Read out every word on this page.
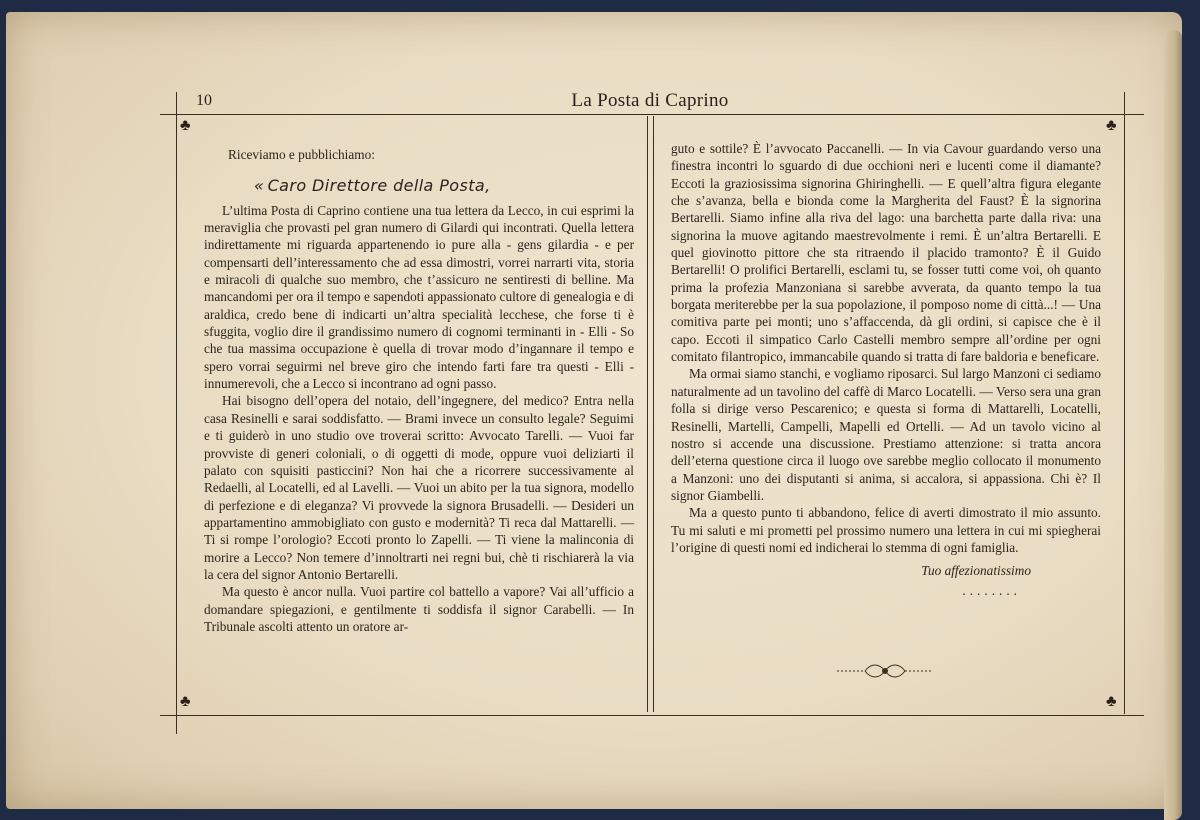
10	La Posta di Caprino
♣	♣
♣	♣

Riceviamo e pubblichiamo:

« Caro Direttore della Posta,

L’ultima Posta di Caprino contiene una tua lettera da Lecco, in cui esprimi la meraviglia che provasti pel gran numero di Gilardi qui incontrati. Quella lettera indirettamente mi riguarda appartenendo io pure alla - gens gilardia - e per compensarti dell’interessamento che ad essa dimostri, vorrei narrarti vita, storia e miracoli di qualche suo membro, che t’assicuro ne sentiresti di belline. Ma mancandomi per ora il tempo e sapendoti appassionato cultore di genealogia e di araldica, credo bene di indicarti un’altra specialità lecchese, che forse ti è sfuggita, voglio dire il grandissimo numero di cognomi terminanti in - Elli - So che tua massima occupazione è quella di trovar modo d’ingannare il tempo e spero vorrai seguirmi nel breve giro che intendo farti fare tra questi - Elli - innumerevoli, che a Lecco si incontrano ad ogni passo.

Hai bisogno dell’opera del notaio, dell’ingegnere, del medico? Entra nella casa Resinelli e sarai soddisfatto. — Brami invece un consulto legale? Seguimi e ti guiderò in uno studio ove troverai scritto: Avvocato Tarelli. — Vuoi far provviste di generi coloniali, o di oggetti di mode, oppure vuoi deliziarti il palato con squisiti pasticcini? Non hai che a ricorrere successivamente al Redaelli, al Locatelli, ed al Lavelli. — Vuoi un abito per la tua signora, modello di perfezione e di eleganza? Vi provvede la signora Brusadelli. — Desideri un appartamentino ammobigliato con gusto e modernità? Ti reca dal Mattarelli. — Ti si rompe l’orologio? Eccoti pronto lo Zapelli. — Ti viene la malinconia di morire a Lecco? Non temere d’innoltrarti nei regni bui, chè ti rischiarerà la via la cera del signor Antonio Bertarelli.

Ma questo è ancor nulla. Vuoi partire col battello a vapore? Vai all’ufficio a domandare spiegazioni, e gentilmente ti soddisfa il signor Carabelli. — In Tribunale ascolti attento un oratore ar-

guto e sottile? È l’avvocato Paccanelli. — In via Cavour guardando verso una finestra incontri lo sguardo di due occhioni neri e lucenti come il diamante? Eccoti la graziosissima signorina Ghiringhelli. — E quell’altra figura elegante che s’avanza, bella e bionda come la Margherita del Faust? È la signorina Bertarelli. Siamo infine alla riva del lago: una barchetta parte dalla riva: una signorina la muove agitando maestrevolmente i remi. È un’altra Bertarelli. E quel giovinotto pittore che sta ritraendo il placido tramonto? È il Guido Bertarelli! O prolifici Bertarelli, esclami tu, se fosser tutti come voi, oh quanto prima la profezia Manzoniana si sarebbe avverata, da quanto tempo la tua borgata meriterebbe per la sua popolazione, il pomposo nome di città...! — Una comitiva parte pei monti; uno s’affaccenda, dà gli ordini, si capisce che è il capo. Eccoti il simpatico Carlo Castelli membro sempre all’ordine per ogni comitato filantropico, immancabile quando si tratta di fare baldoria e beneficare.

Ma ormai siamo stanchi, e vogliamo riposarci. Sul largo Manzoni ci sediamo naturalmente ad un tavolino del caffè di Marco Locatelli. — Verso sera una gran folla si dirige verso Pescarenico; e questa si forma di Mattarelli, Locatelli, Resinelli, Martelli, Campelli, Mapelli ed Ortelli. — Ad un tavolo vicino al nostro si accende una discussione. Prestiamo attenzione: si tratta ancora dell’eterna questione circa il luogo ove sarebbe meglio collocato il monumento a Manzoni: uno dei disputanti si anima, si accalora, si appassiona. Chi è? Il signor Giambelli.

Ma a questo punto ti abbandono, felice di averti dimostrato il mio assunto. Tu mi saluti e mi prometti pel prossimo numero una lettera in cui mi spiegherai l’origine di questi nomi ed indicherai lo stemma di ogni famiglia.

Tuo affezionatissimo

........
